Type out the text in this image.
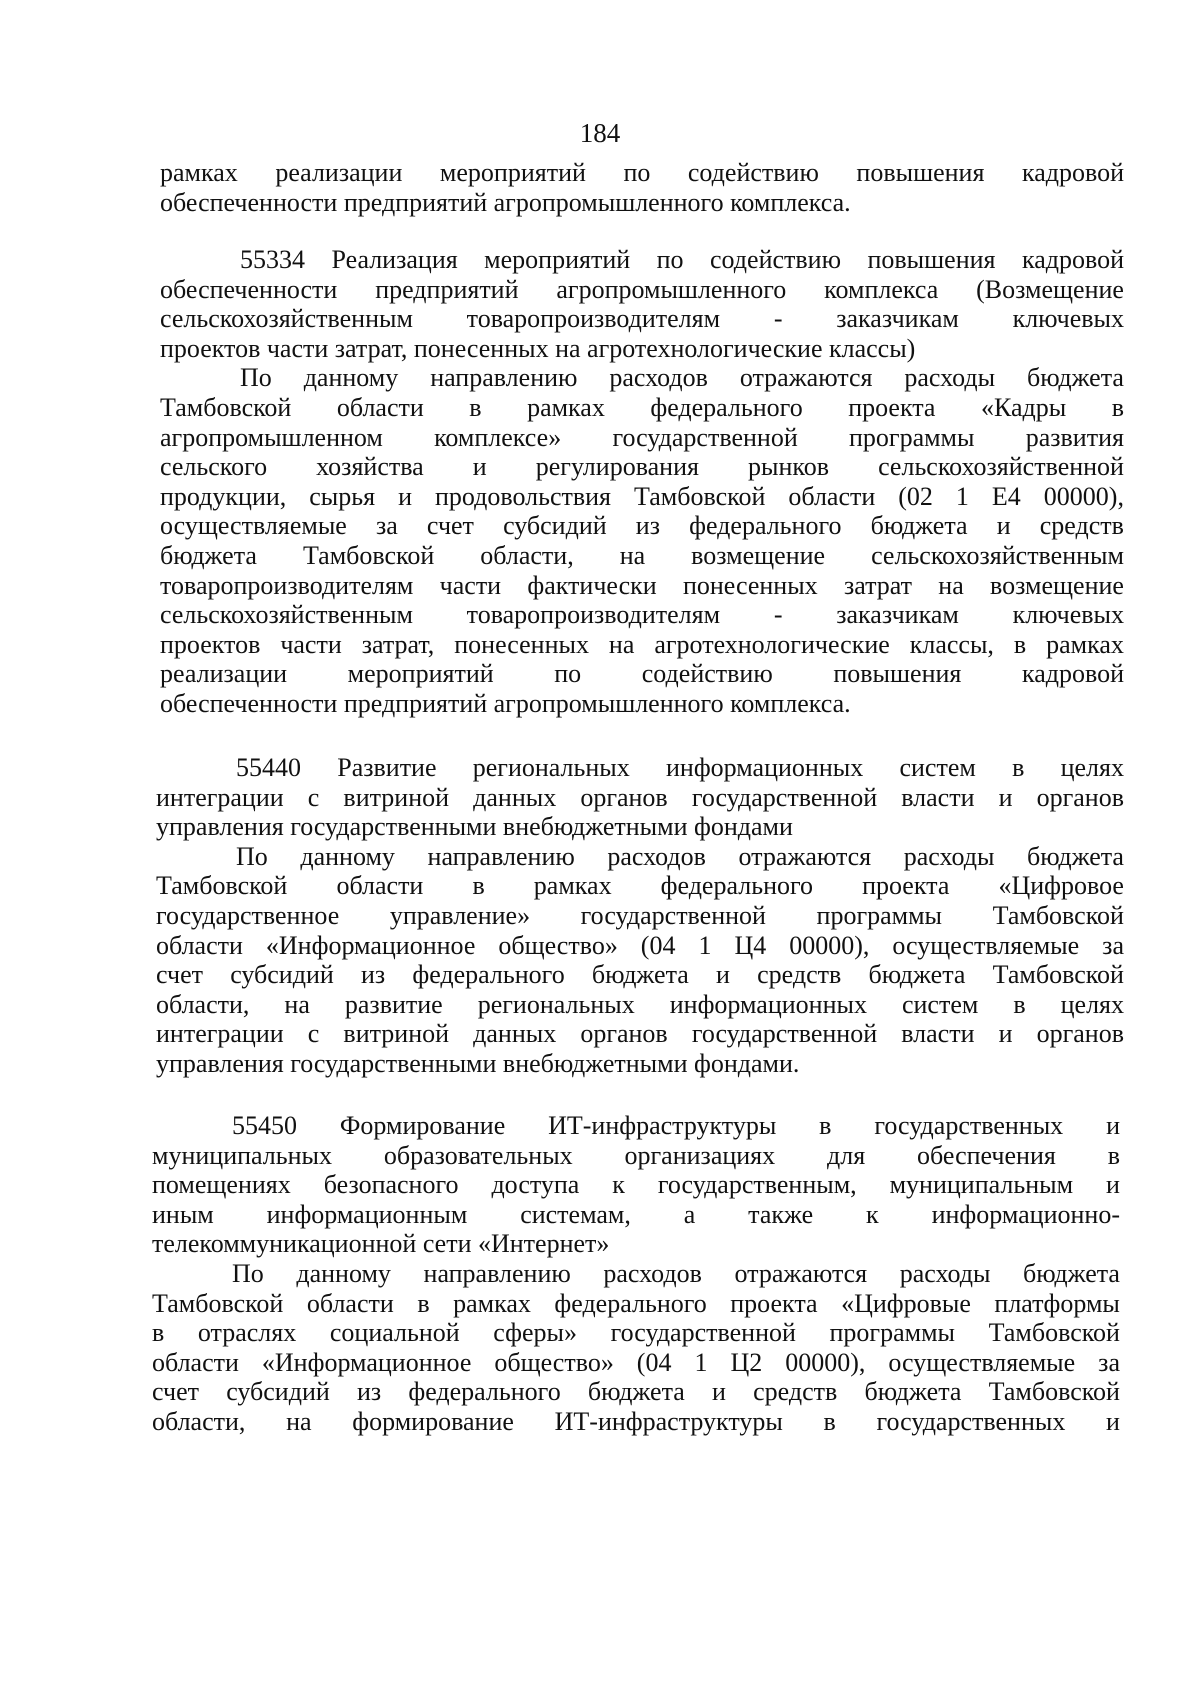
184
рамках реализации мероприятий по содействию повышения кадровой
обеспеченности предприятий агропромышленного комплекса.
55334 Реализация мероприятий по содействию повышения кадровой
обеспеченности предприятий агропромышленного комплекса (Возмещение
сельскохозяйственным товаропроизводителям - заказчикам ключевых
проектов части затрат, понесенных на агротехнологические классы)
По данному направлению расходов отражаются расходы бюджета
Тамбовской области в рамках федерального проекта «Кадры в
агропромышленном комплексе» государственной программы развития
сельского хозяйства и регулирования рынков сельскохозяйственной
продукции, сырья и продовольствия Тамбовской области (02 1 Е4 00000),
осуществляемые за счет субсидий из федерального бюджета и средств
бюджета Тамбовской области, на возмещение сельскохозяйственным
товаропроизводителям части фактически понесенных затрат на возмещение
сельскохозяйственным товаропроизводителям - заказчикам ключевых
проектов части затрат, понесенных на агротехнологические классы, в рамках
реализации мероприятий по содействию повышения кадровой
обеспеченности предприятий агропромышленного комплекса.
55440 Развитие региональных информационных систем в целях
интеграции с витриной данных органов государственной власти и органов
управления государственными внебюджетными фондами
По данному направлению расходов отражаются расходы бюджета
Тамбовской области в рамках федерального проекта «Цифровое
государственное управление» государственной программы Тамбовской
области «Информационное общество» (04 1 Ц4 00000), осуществляемые за
счет субсидий из федерального бюджета и средств бюджета Тамбовской
области, на развитие региональных информационных систем в целях
интеграции с витриной данных органов государственной власти и органов
управления государственными внебюджетными фондами.
55450 Формирование ИТ-инфраструктуры в государственных и
муниципальных образовательных организациях для обеспечения в
помещениях безопасного доступа к государственным, муниципальным и
иным информационным системам, а также к информационно-
телекоммуникационной сети «Интернет»
По данному направлению расходов отражаются расходы бюджета
Тамбовской области в рамках федерального проекта «Цифровые платформы
в отраслях социальной сферы» государственной программы Тамбовской
области «Информационное общество» (04 1 Ц2 00000), осуществляемые за
счет субсидий из федерального бюджета и средств бюджета Тамбовской
области, на формирование ИТ-инфраструктуры в государственных и
